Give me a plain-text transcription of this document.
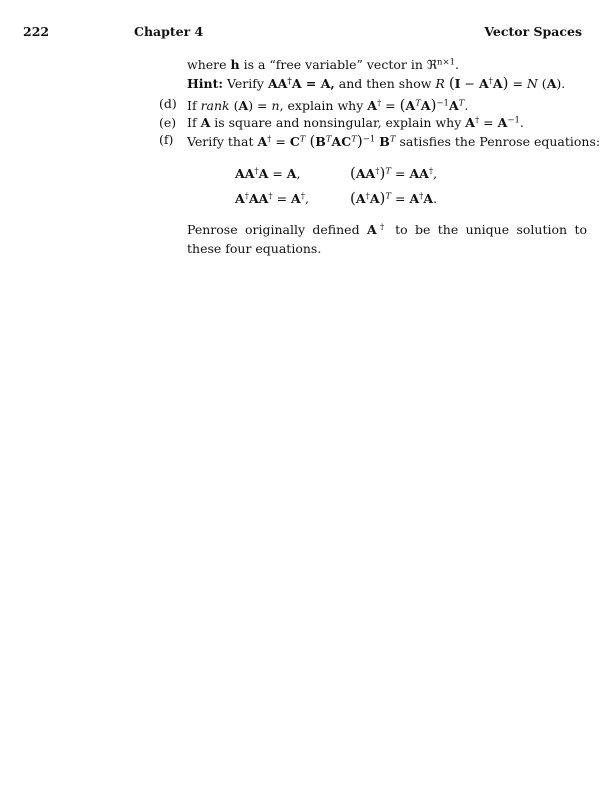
222	Chapter 4	Vector Spaces
where h is a “free variable” vector in ℜ$^{n\times 1}$.
Hint: Verify AA†A = A, and then show R (I − A†A) = N (A).
(d) If rank (A) = n, explain why $A^\dagger = (A^TA)^{-1}A^T$.
(e) If A is square and nonsingular, explain why $A^\dagger = A^{-1}$.
(f) Verify that $A^\dagger = C^T$ $(B^TAC^T)^{-1}$ $B^T$ satisfies the Penrose equations:
AA†A = A,	$(AA^\dagger)^T = AA^\dagger$,
A†AA† = A†,	$(A^\dagger A)^T = A^\dagger A$.
Penrose originally defined A† to be the unique solution to these four equations.
